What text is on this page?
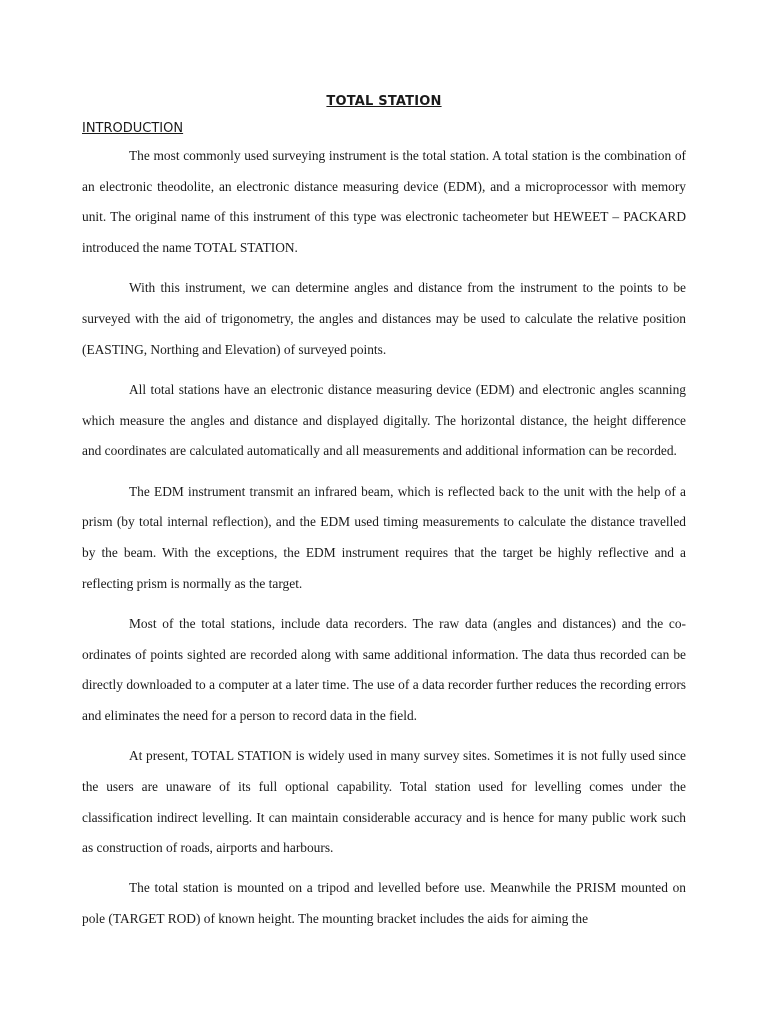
TOTAL STATION
INTRODUCTION

The most commonly used surveying instrument is the total station. A total station is the combination of an electronic theodolite, an electronic distance measuring device (EDM), and a microprocessor with memory unit. The original name of this instrument of this type was electronic tacheometer but HEWEET – PACKARD introduced the name TOTAL STATION.

With this instrument, we can determine angles and distance from the instrument to the points to be surveyed with the aid of trigonometry, the angles and distances may be used to calculate the relative position (EASTING, Northing and Elevation) of surveyed points.

All total stations have an electronic distance measuring device (EDM) and electronic angles scanning which measure the angles and distance and displayed digitally. The horizontal distance, the height difference and coordinates are calculated automatically and all measurements and additional information can be recorded.

The EDM instrument transmit an infrared beam, which is reflected back to the unit with the help of a prism (by total internal reflection), and the EDM used timing measurements to calculate the distance travelled by the beam. With the exceptions, the EDM instrument requires that the target be highly reflective and a reflecting prism is normally as the target.

Most of the total stations, include data recorders. The raw data (angles and distances) and the co-ordinates of points sighted are recorded along with same additional information. The data thus recorded can be directly downloaded to a computer at a later time. The use of a data recorder further reduces the recording errors and eliminates the need for a person to record data in the field.

At present, TOTAL STATION is widely used in many survey sites. Sometimes it is not fully used since the users are unaware of its full optional capability. Total station used for levelling comes under the classification indirect levelling. It can maintain considerable accuracy and is hence for many public work such as construction of roads, airports and harbours.

The total station is mounted on a tripod and levelled before use. Meanwhile the PRISM mounted on pole (TARGET ROD) of known height. The mounting bracket includes the aids for aiming the
